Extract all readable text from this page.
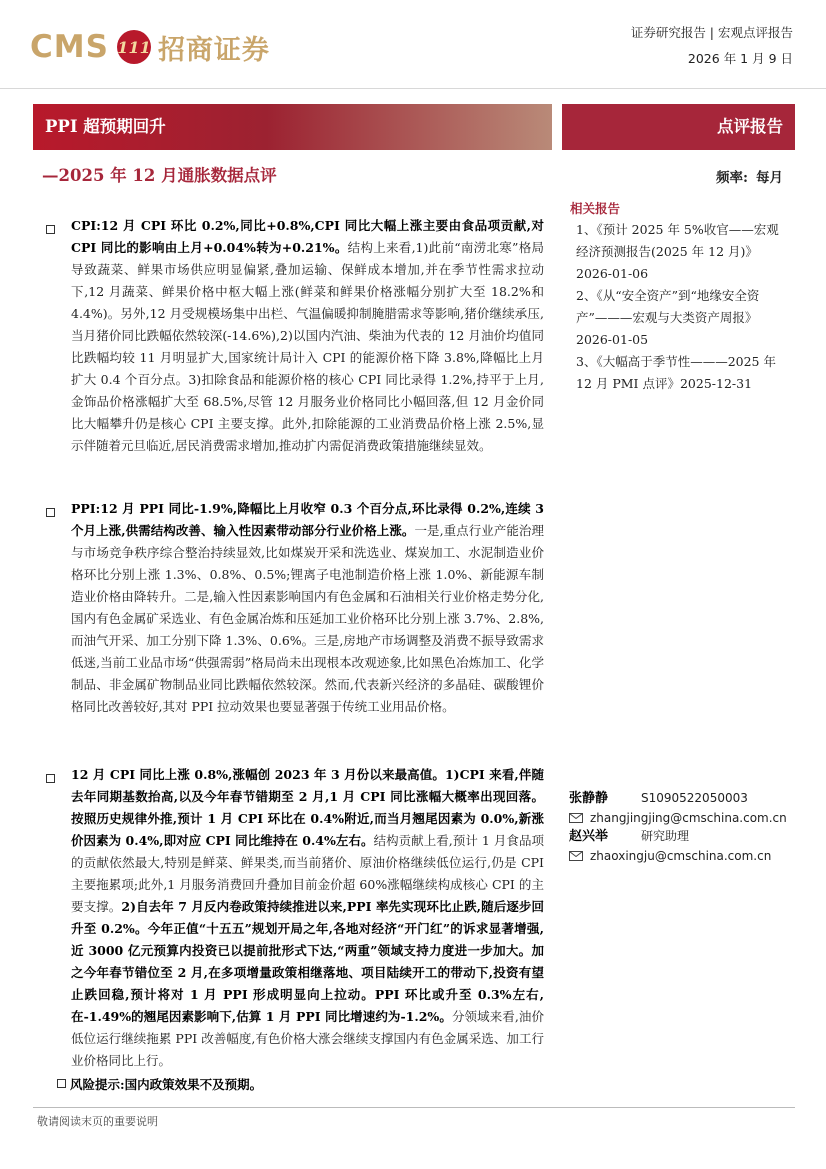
CMS 111 招商证券
证券研究报告 | 宏观点评报告
2026 年 1 月 9 日
PPI 超预期回升	点评报告
—2025 年 12 月通胀数据点评	频率: 每月
CPI:12 月 CPI 环比 0.2%,同比+0.8%,CPI 同比大幅上涨主要由食品项贡献,对 CPI 同比的影响由上月+0.04%转为+0.21%。结构上来看,1)此前“南涝北寒”格局导致蔬菜、鲜果市场供应明显偏紧,叠加运输、保鲜成本增加,并在季节性需求拉动下,12 月蔬菜、鲜果价格中枢大幅上涨(鲜菜和鲜果价格涨幅分别扩大至 18.2%和 4.4%)。另外,12 月受规模场集中出栏、气温偏暖抑制腌腊需求等影响,猪价继续承压,当月猪价同比跌幅依然较深(-14.6%),2)以国内汽油、柴油为代表的 12 月油价均值同比跌幅均较 11 月明显扩大,国家统计局计入 CPI 的能源价格下降 3.8%,降幅比上月扩大 0.4 个百分点。3)扣除食品和能源价格的核心 CPI 同比录得 1.2%,持平于上月,金饰品价格涨幅扩大至 68.5%,尽管 12 月服务业价格同比小幅回落,但 12 月金价同比大幅攀升仍是核心 CPI 主要支撑。此外,扣除能源的工业消费品价格上涨 2.5%,显示伴随着元旦临近,居民消费需求增加,推动扩内需促消费政策措施继续显效。
PPI:12 月 PPI 同比-1.9%,降幅比上月收窄 0.3 个百分点,环比录得 0.2%,连续 3 个月上涨,供需结构改善、输入性因素带动部分行业价格上涨。一是,重点行业产能治理与市场竞争秩序综合整治持续显效,比如煤炭开采和洗选业、煤炭加工、水泥制造业价格环比分别上涨 1.3%、0.8%、0.5%;锂离子电池制造价格上涨 1.0%、新能源车制造业价格由降转升。二是,输入性因素影响国内有色金属和石油相关行业价格走势分化,国内有色金属矿采选业、有色金属冶炼和压延加工业价格环比分别上涨 3.7%、2.8%,而油气开采、加工分别下降 1.3%、0.6%。三是,房地产市场调整及消费不振导致需求低迷,当前工业品市场“供强需弱”格局尚未出现根本改观迹象,比如黑色冶炼加工、化学制品、非金属矿物制品业同比跌幅依然较深。然而,代表新兴经济的多晶硅、碳酸锂价格同比改善较好,其对 PPI 拉动效果也要显著强于传统工业用品价格。
12 月 CPI 同比上涨 0.8%,涨幅创 2023 年 3 月份以来最高值。1)CPI 来看,伴随去年同期基数抬高,以及今年春节错期至 2 月,1 月 CPI 同比涨幅大概率出现回落。按照历史规律外推,预计 1 月 CPI 环比在 0.4%附近,而当月翘尾因素为 0.0%,新涨价因素为 0.4%,即对应 CPI 同比维持在 0.4%左右。结构贡献上看,预计 1 月食品项的贡献依然最大,特别是鲜菜、鲜果类,而当前猪价、原油价格继续低位运行,仍是 CPI 主要拖累项;此外,1 月服务消费回升叠加目前金价超 60%涨幅继续构成核心 CPI 的主要支撑。2)自去年 7 月反内卷政策持续推进以来,PPI 率先实现环比止跌,随后逐步回升至 0.2%。今年正值“十五五”规划开局之年,各地对经济“开门红”的诉求显著增强,近 3000 亿元预算内投资已以提前批形式下达,“两重”领域支持力度进一步加大。加之今年春节错位至 2 月,在多项增量政策相继落地、项目陆续开工的带动下,投资有望止跌回稳,预计将对 1 月 PPI 形成明显向上拉动。PPI 环比或升至 0.3%左右,在-1.49%的翘尾因素影响下,估算 1 月 PPI 同比增速约为-1.2%。分领域来看,油价低位运行继续拖累 PPI 改善幅度,有色价格大涨会继续支撑国内有色金属采选、加工行业价格同比上行。
风险提示:国内政策效果不及预期。
相关报告
1、《预计 2025 年 5%收官——宏观经济预测报告(2025 年 12 月)》2026-01-06
2、《从“安全资产”到“地缘安全资产”———宏观与大类资产周报》2026-01-05
3、《大幅高于季节性———2025 年 12 月 PMI 点评》2025-12-31
张静静	S1090522050003
zhangjingjing@cmschina.com.cn
赵兴举	研究助理
zhaoxingju@cmschina.com.cn
敬请阅读末页的重要说明
